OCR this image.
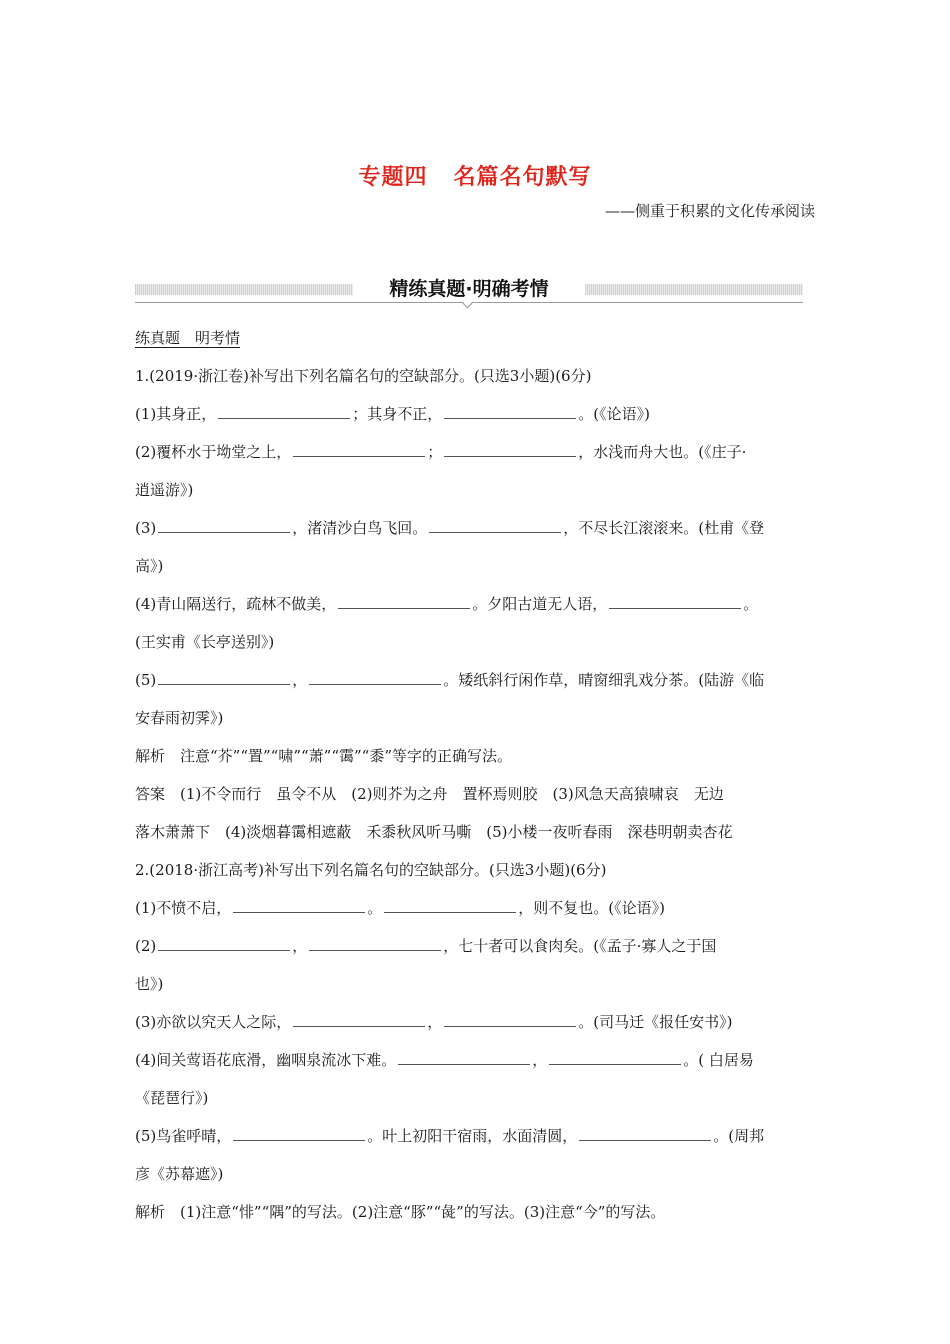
专题四 名篇名句默写
——侧重于积累的文化传承阅读
精练真题·明确考情
练真题　明考情
1.(2019·浙江卷)补写出下列名篇名句的空缺部分。(只选3小题)(6分)
(1)其身正，	；其身不正，	。(《论语》)
(2)覆杯水于坳堂之上，	；	，水浅而舟大也。(《庄子·
逍遥游》)
(3)	，渚清沙白鸟飞回。	，不尽长江滚滚来。(杜甫《登
高》)
(4)青山隔送行，疏林不做美，	。夕阳古道无人语，	。
(王实甫《长亭送别》)
(5)	，	。矮纸斜行闲作草，晴窗细乳戏分茶。(陆游《临
安春雨初霁》)
解析　注意“芥”“置”“啸”“萧”“霭”“黍”等字的正确写法。
答案　(1)不令而行　虽令不从　(2)则芥为之舟　置杯焉则胶　(3)风急天高猿啸哀　无边
落木萧萧下　(4)淡烟暮霭相遮蔽　禾黍秋风听马嘶　(5)小楼一夜听春雨　深巷明朝卖杏花
2.(2018·浙江高考)补写出下列名篇名句的空缺部分。(只选3小题)(6分)
(1)不愤不启，	。	，则不复也。(《论语》)
(2)	，	，七十者可以食肉矣。(《孟子·寡人之于国
也》)
(3)亦欲以究天人之际，	，	。(司马迁《报任安书》)
(4)间关莺语花底滑，幽咽泉流冰下难。	，	。( 白居易
《琵琶行》)
(5)鸟雀呼晴，	。叶上初阳干宿雨，水面清圆，	。(周邦
彦《苏幕遮》)
解析　(1)注意“悱”“隅”的写法。(2)注意“豚”“彘”的写法。(3)注意“今”的写法。
